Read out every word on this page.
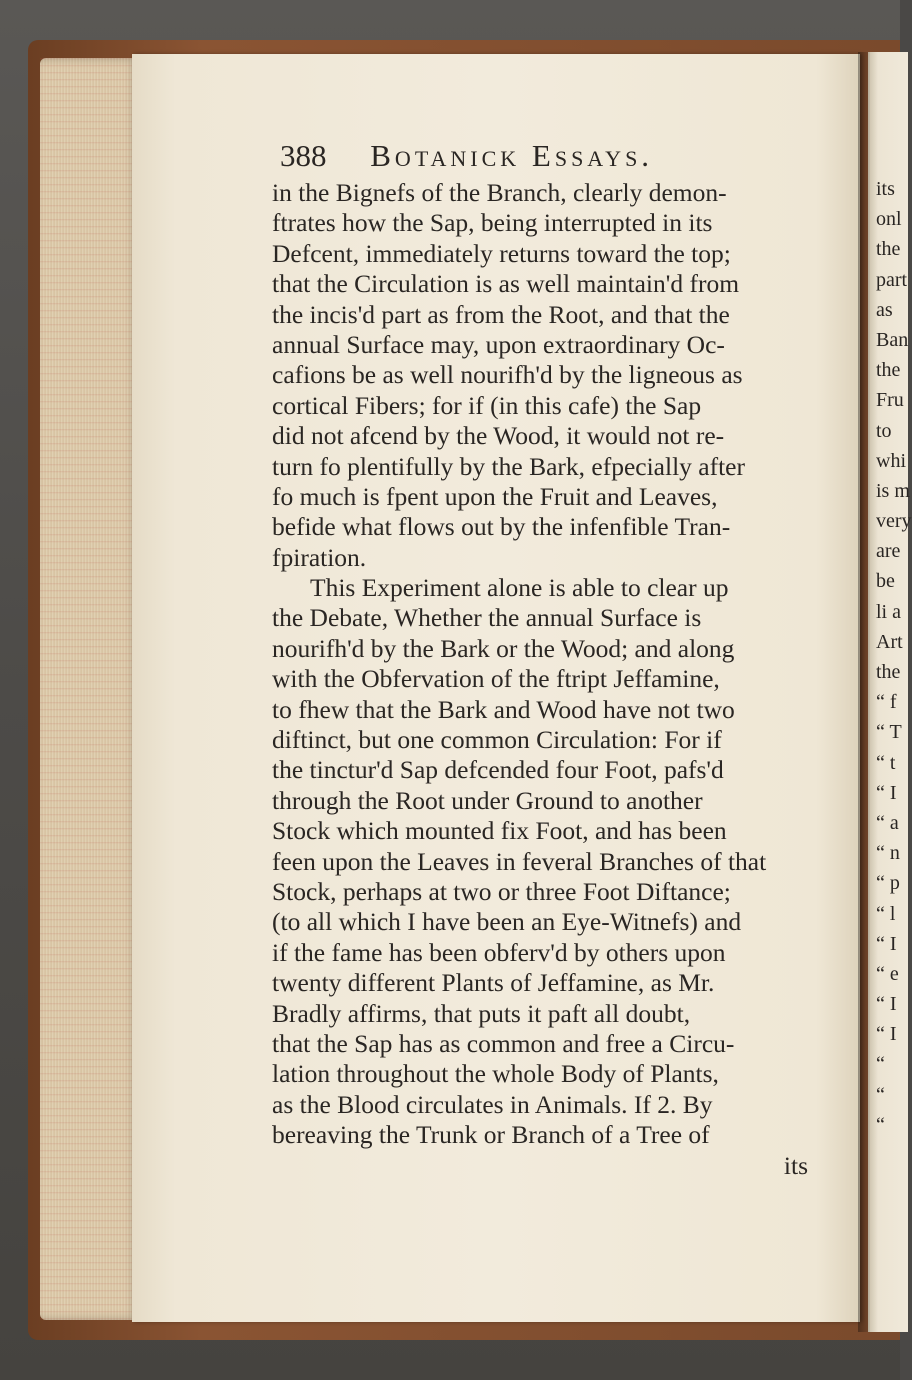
388 Botanick Essays.
in the Bignefs of the Branch, clearly demon-
ftrates how the Sap, being interrupted in its
Defcent, immediately returns toward the top;
that the Circulation is as well maintain'd from
the incis'd part as from the Root, and that the
annual Surface may, upon extraordinary Oc-
cafions be as well nourifh'd by the ligneous as
cortical Fibers; for if (in this cafe) the Sap
did not afcend by the Wood, it would not re-
turn fo plentifully by the Bark, efpecially after
fo much is fpent upon the Fruit and Leaves,
befide what flows out by the infenfible Tran-
fpiration.
This Experiment alone is able to clear up
the Debate, Whether the annual Surface is
nourifh'd by the Bark or the Wood; and along
with the Obfervation of the ftript Jeffamine,
to fhew that the Bark and Wood have not two
diftinct, but one common Circulation: For if
the tinctur'd Sap defcended four Foot, pafs'd
through the Root under Ground to another
Stock which mounted fix Foot, and has been
feen upon the Leaves in feveral Branches of that
Stock, perhaps at two or three Foot Diftance;
(to all which I have been an Eye-Witnefs) and
if the fame has been obferv'd by others upon
twenty different Plants of Jeffamine, as Mr.
Bradly affirms, that puts it paft all doubt,
that the Sap has as common and free a Circu-
lation throughout the whole Body of Plants,
as the Blood circulates in Animals. If 2. By
bereaving the Trunk or Branch of a Tree of
its
its
onl
the
part
as
Ban
the
Fru
to
whi
is m
very
are
be
li a
Art
the
“ f
“ T
“ t
“ I
“ a
“ n
“ p
“ l
“ I
“ e
“ I
“ I
“
“
“
